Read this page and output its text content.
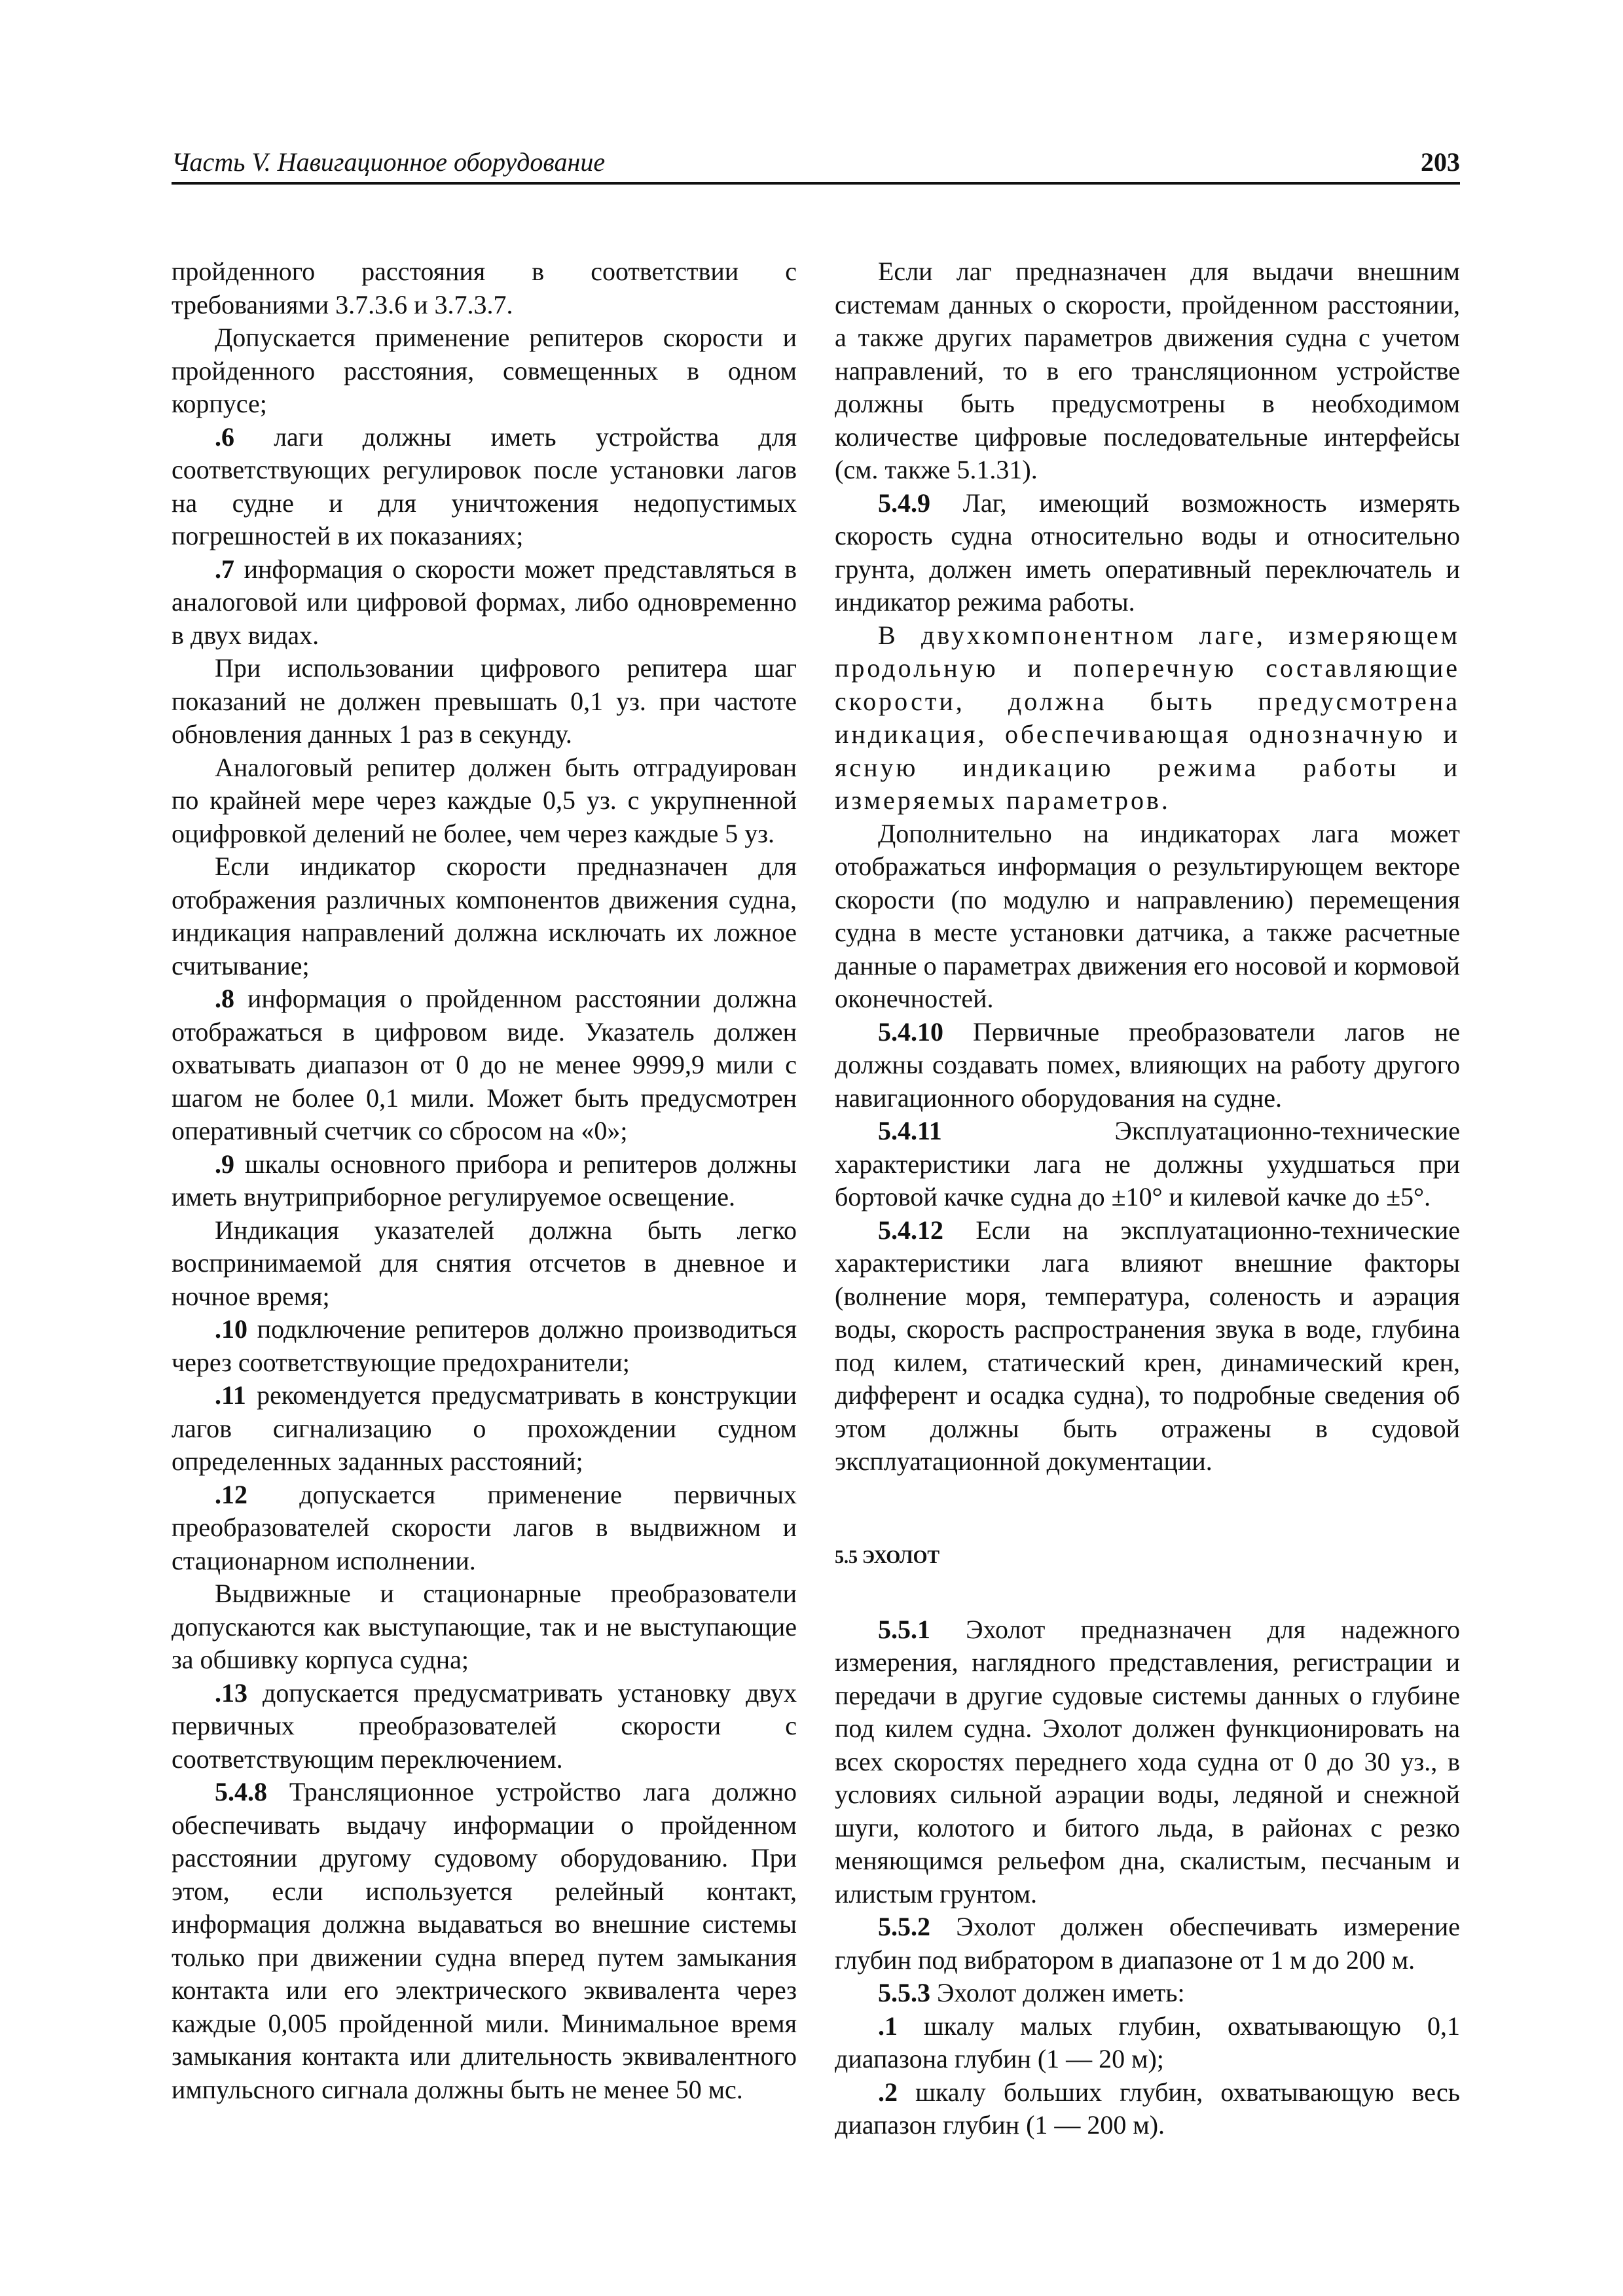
Часть V. Навигационное оборудование	203

пройденного расстояния в соответствии с требованиями 3.7.3.6 и 3.7.3.7.

Допускается применение репитеров скорости и пройденного расстояния, совмещенных в одном корпусе;

.6 лаги должны иметь устройства для соответствующих регулировок после установки лагов на судне и для уничтожения недопустимых погрешностей в их показаниях;

.7 информация о скорости может представляться в аналоговой или цифровой формах, либо одновременно в двух видах.

При использовании цифрового репитера шаг показаний не должен превышать 0,1 уз. при частоте обновления данных 1 раз в секунду.

Аналоговый репитер должен быть отградуирован по крайней мере через каждые 0,5 уз. с укрупненной оцифровкой делений не более, чем через каждые 5 уз.

Если индикатор скорости предназначен для отображения различных компонентов движения судна, индикация направлений должна исключать их ложное считывание;

.8 информация о пройденном расстоянии должна отображаться в цифровом виде. Указатель должен охватывать диапазон от 0 до не менее 9999,9 мили с шагом не более 0,1 мили. Может быть предусмотрен оперативный счетчик со сбросом на «0»;

.9 шкалы основного прибора и репитеров должны иметь внутриприборное регулируемое освещение.

Индикация указателей должна быть легко воспринимаемой для снятия отсчетов в дневное и ночное время;

.10 подключение репитеров должно производиться через соответствующие предохранители;

.11 рекомендуется предусматривать в конструкции лагов сигнализацию о прохождении судном определенных заданных расстояний;

.12 допускается применение первичных преобразователей скорости лагов в выдвижном и стационарном исполнении.

Выдвижные и стационарные преобразователи допускаются как выступающие, так и не выступающие за обшивку корпуса судна;

.13 допускается предусматривать установку двух первичных преобразователей скорости с соответствующим переключением.

5.4.8 Трансляционное устройство лага должно обеспечивать выдачу информации о пройденном расстоянии другому судовому оборудованию. При этом, если используется релейный контакт, информация должна выдаваться во внешние системы только при движении судна вперед путем замыкания контакта или его электрического эквивалента через каждые 0,005 пройденной мили. Минимальное время замыкания контакта или длительность эквивалентного импульсного сигнала должны быть не менее 50 мс.

Если лаг предназначен для выдачи внешним системам данных о скорости, пройденном расстоянии, а также других параметров движения судна с учетом направлений, то в его трансляционном устройстве должны быть предусмотрены в необходимом количестве цифровые последовательные интерфейсы (см. также 5.1.31).

5.4.9 Лаг, имеющий возможность измерять скорость судна относительно воды и относительно грунта, должен иметь оперативный переключатель и индикатор режима работы.

В двухкомпонентном лаге, измеряющем продольную и поперечную составляющие скорости, должна быть предусмотрена индикация, обеспечивающая однозначную и ясную индикацию режима работы и измеряемых параметров.

Дополнительно на индикаторах лага может отображаться информация о результирующем векторе скорости (по модулю и направлению) перемещения судна в месте установки датчика, а также расчетные данные о параметрах движения его носовой и кормовой оконечностей.

5.4.10 Первичные преобразователи лагов не должны создавать помех, влияющих на работу другого навигационного оборудования на судне.

5.4.11 Эксплуатационно-технические характеристики лага не должны ухудшаться при бортовой качке судна до ±10° и килевой качке до ±5°.

5.4.12 Если на эксплуатационно-технические характеристики лага влияют внешние факторы (волнение моря, температура, соленость и аэрация воды, скорость распространения звука в воде, глубина под килем, статический крен, динамический крен, дифферент и осадка судна), то подробные сведения об этом должны быть отражены в судовой эксплуатационной документации.

5.5 ЭХОЛОТ

5.5.1 Эхолот предназначен для надежного измерения, наглядного представления, регистрации и передачи в другие судовые системы данных о глубине под килем судна. Эхолот должен функционировать на всех скоростях переднего хода судна от 0 до 30 уз., в условиях сильной аэрации воды, ледяной и снежной шуги, колотого и битого льда, в районах с резко меняющимся рельефом дна, скалистым, песчаным и илистым грунтом.

5.5.2 Эхолот должен обеспечивать измерение глубин под вибратором в диапазоне от 1 м до 200 м.

5.5.3 Эхолот должен иметь:

.1 шкалу малых глубин, охватывающую 0,1 диапазона глубин (1 — 20 м);

.2 шкалу больших глубин, охватывающую весь диапазон глубин (1 — 200 м).
